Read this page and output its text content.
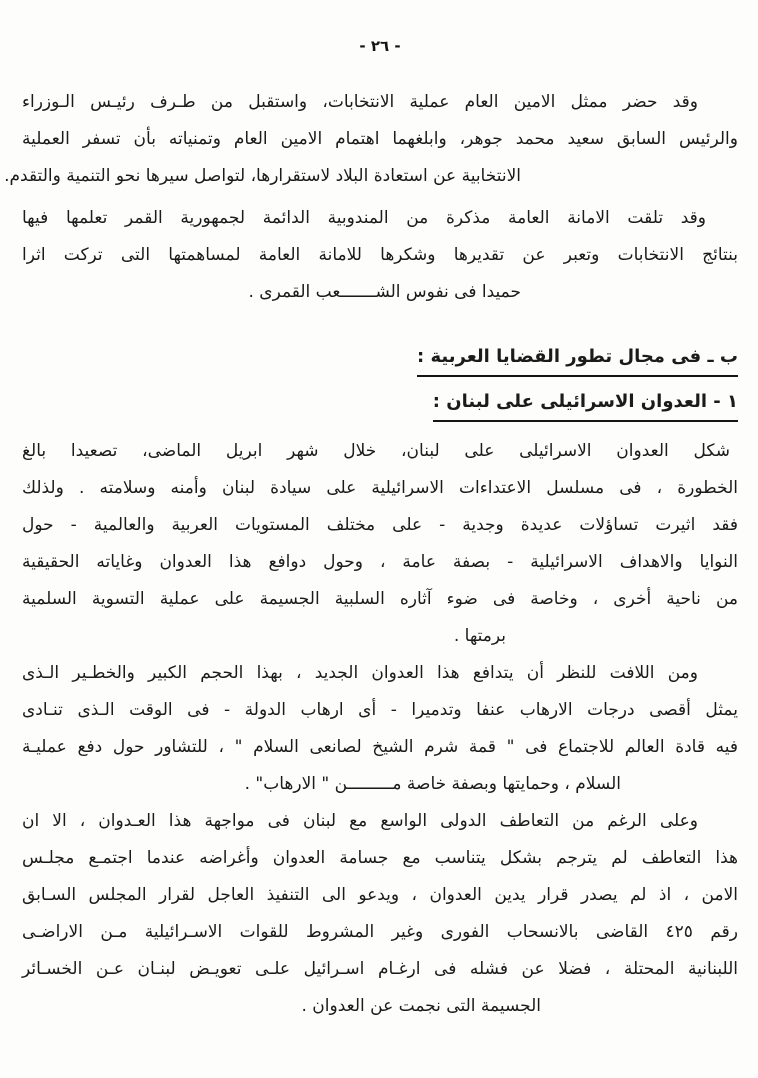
- ٢٦ -
وقد حضر ممثل الامين العام عملية الانتخابات، واستقبل من طـرف رئيـس الـوزراء
والرئيس السابق سعيد محمد جوهر، وابلغهما اهتمام الامين العام وتمنياته بأن تسفر العملية
الانتخابية عن استعادة البلاد لاستقرارها، لتواصل سيرها نحو التنمية والتقدم.
وقد تلقت الامانة العامة مذكرة من المندوبية الدائمة لجمهورية القمر تعلمها فيها
بنتائج الانتخابات وتعبر عن تقديرها وشكرها للامانة العامة لمساهمتها التى تركت اثرا
حميدا فى نفوس الشـــــــعب القمرى .
ب ـ فى مجال تطور القضايا العربية :
١ - العدوان الاسرائيلى على لبنان :
شكل العدوان الاسرائيلى على لبنان، خلال شهر ابريل الماضى، تصعيدا بالغ
الخطورة ، فى مسلسل الاعتداءات الاسرائيلية على سيادة لبنان وأمنه وسلامته . ولذلك
فقد اثيرت تساؤلات عديدة وجدية - على مختلف المستويات العربية والعالمية - حول
النوايا والاهداف الاسرائيلية - بصفة عامة ، وحول دوافع هذا العدوان وغاياته الحقيقية
من ناحية أخرى ، وخاصة فى ضوء آثاره السلبية الجسيمة على عملية التسوية السلمية
برمتها .
ومن اللافت للنظر أن يتدافع هذا العدوان الجديد ، بهذا الحجم الكبير والخطـير الـذى
يمثل أقصى درجات الارهاب عنفا وتدميرا - أى ارهاب الدولة - فى الوقت الـذى تنـادى
فيه قادة العالم للاجتماع فى " قمة شرم الشيخ لصانعى السلام " ، للتشاور حول دفع عمليـة
السلام ، وحمايتها وبصفة خاصة مـــــــــن " الارهاب" .
وعلى الرغم من التعاطف الدولى الواسع مع لبنان فى مواجهة هذا العـدوان ، الا ان
هذا التعاطف لم يترجم بشكل يتناسب مع جسامة العدوان وأغراضه عندما اجتمـع مجلـس
الامن ، اذ لم يصدر قرار يدين العدوان ، ويدعو الى التنفيذ العاجل لقرار المجلس السـابق
رقم ٤٢٥ القاضى بالانسحاب الفورى وغير المشروط للقوات الاسـرائيلية مـن الاراضـى
اللبنانية المحتلة ، فضلا عن فشله فى ارغـام اسـرائيل علـى تعويـض لبنـان عـن الخسـائر
الجسيمة التى نجمت عن العدوان .
